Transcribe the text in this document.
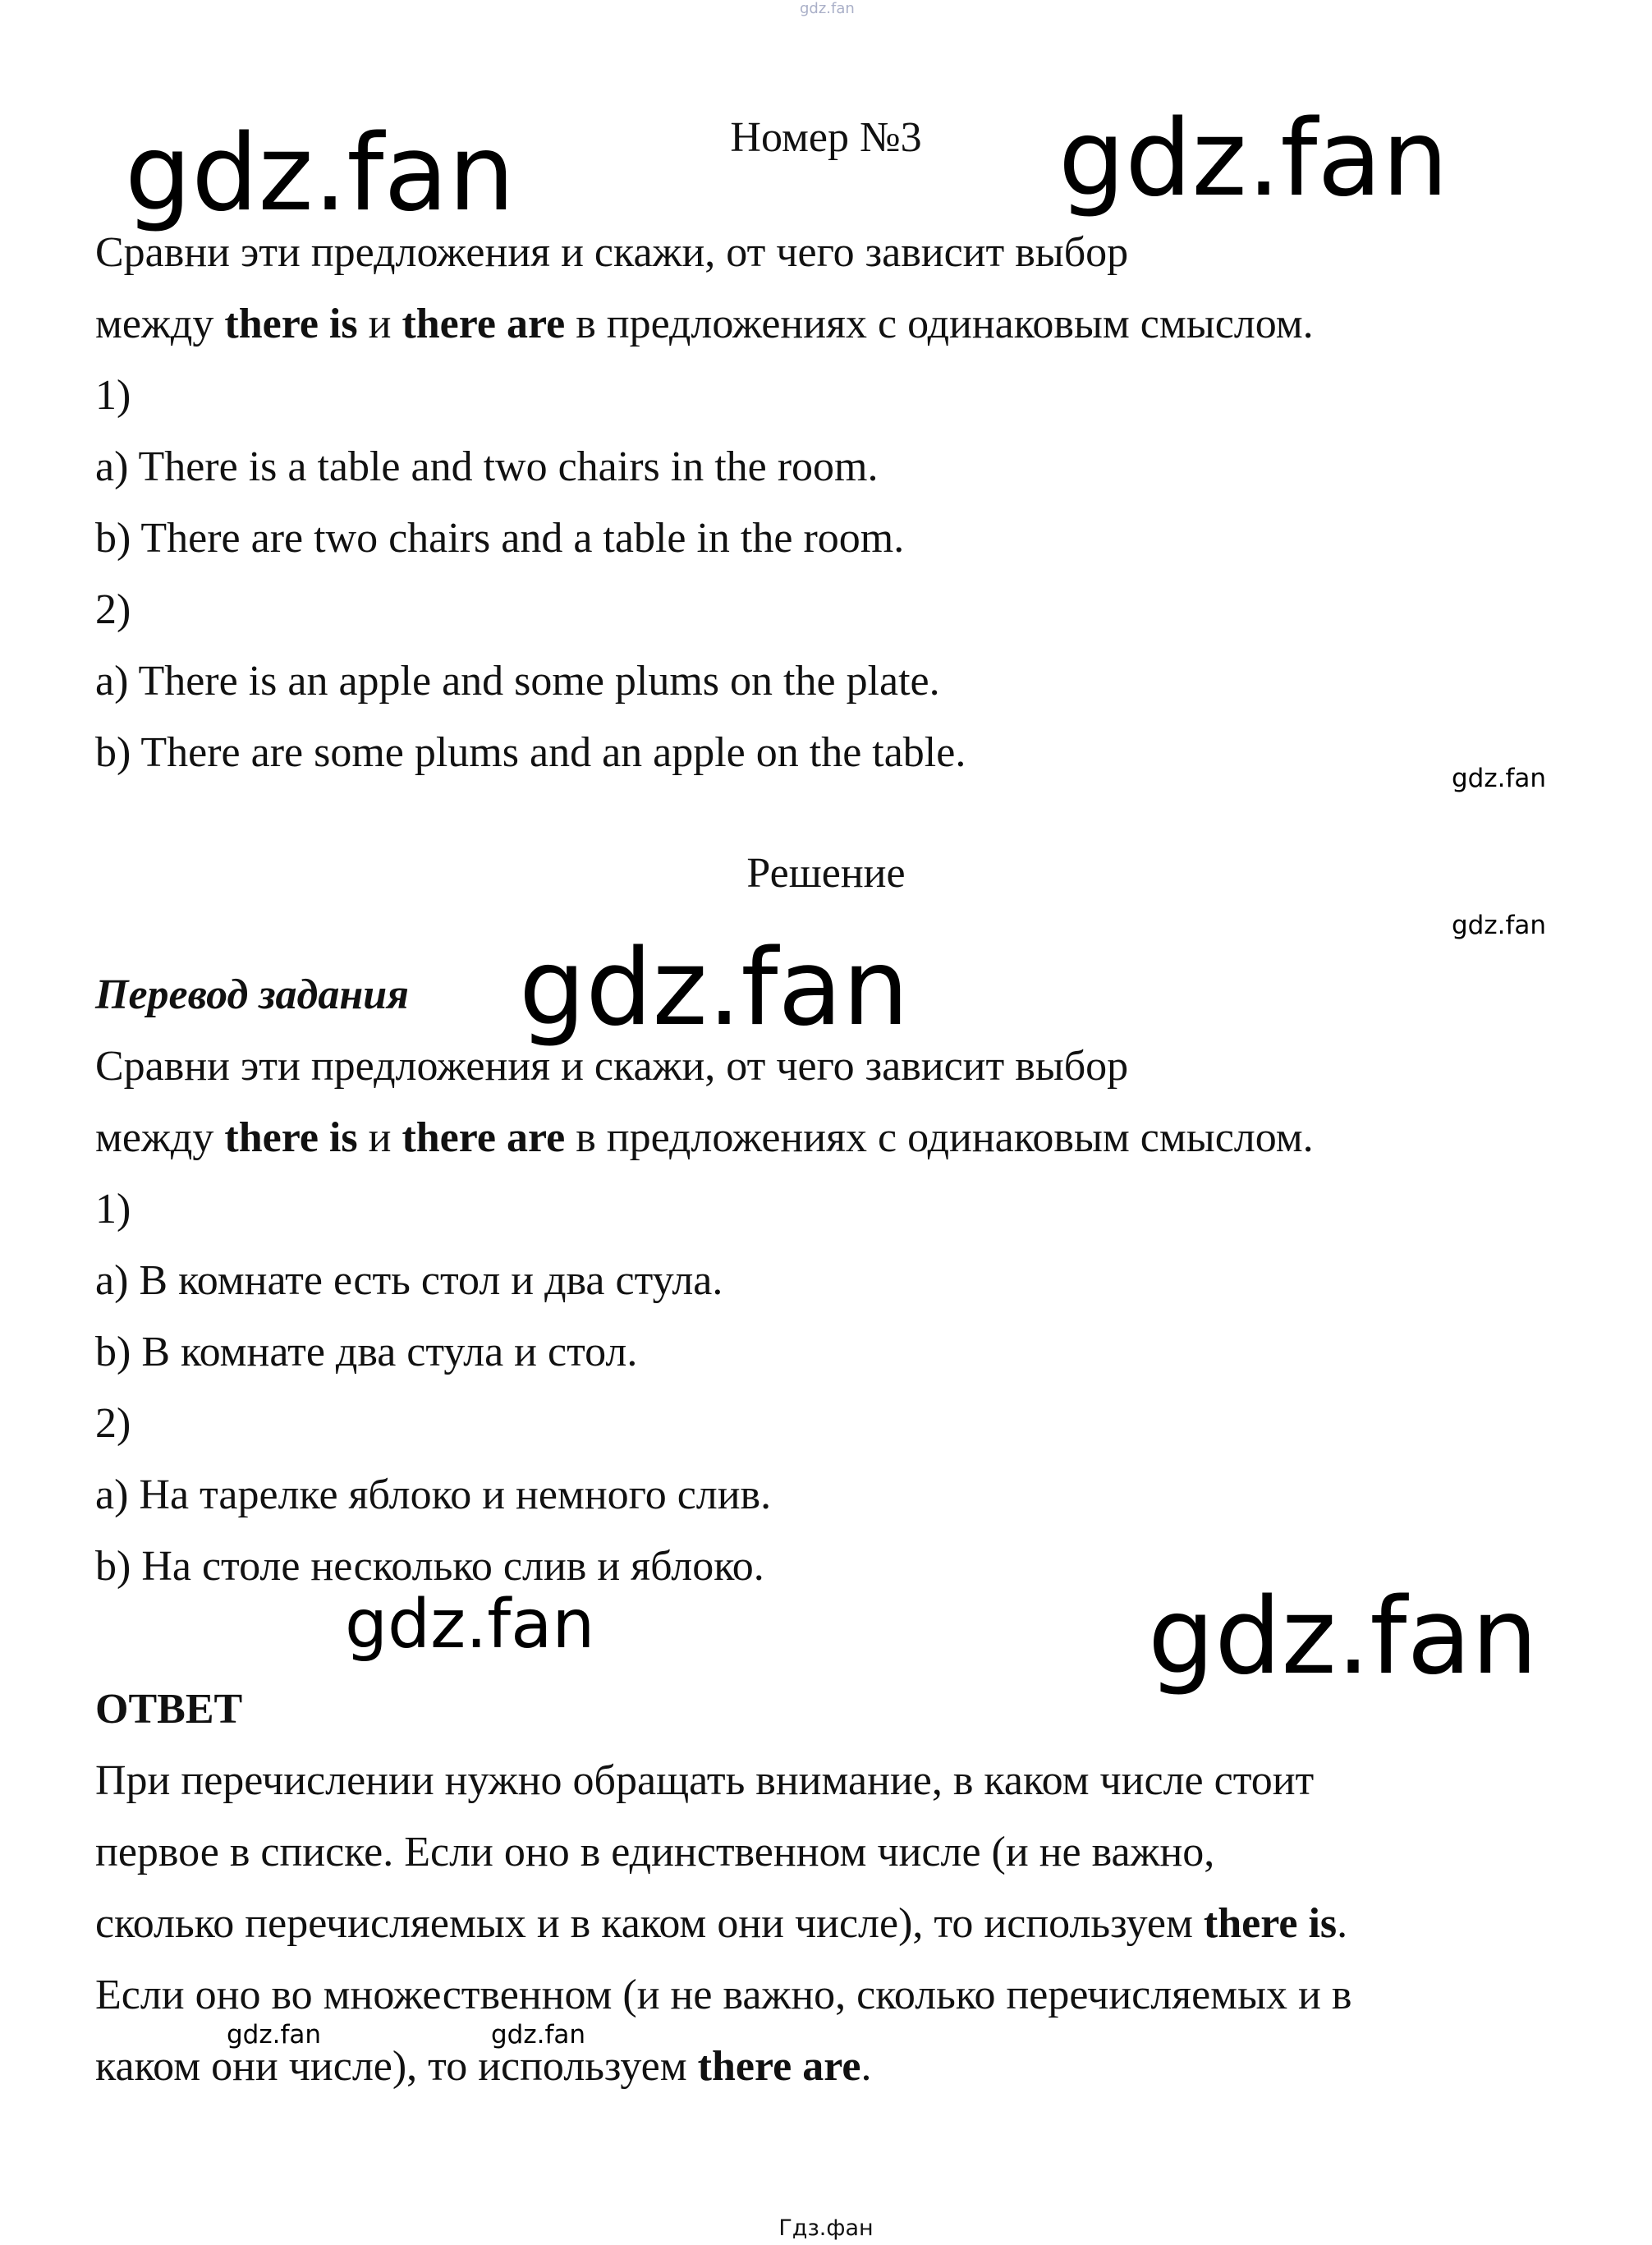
gdz.fan
Номер №3
Сравни эти предложения и скажи, от чего зависит выбор
между there is и there are в предложениях с одинаковым смыслом.
1)
a) There is a table and two chairs in the room.
b) There are two chairs and a table in the room.
2)
a) There is an apple and some plums on the plate.
b) There are some plums and an apple on the table.
Решение
Перевод задания
Сравни эти предложения и скажи, от чего зависит выбор
между there is и there are в предложениях с одинаковым смыслом.
1)
a) В комнате есть стол и два стула.
b) В комнате два стула и стол.
2)
a) На тарелке яблоко и немного слив.
b) На столе несколько слив и яблоко.
ОТВЕТ
При перечислении нужно обращать внимание, в каком числе стоит
первое в списке. Если оно в единственном числе (и не важно,
сколько перечисляемых и в каком они числе), то используем there is.
Если оно во множественном (и не важно, сколько перечисляемых и в
каком они числе), то используем there are.
gdz.fan	gdz.fan
gdz.fan
gdz.fan
gdz.fan
gdz.fan
gdz.fan
gdz.fan	gdz.fan
Гдз.фан
